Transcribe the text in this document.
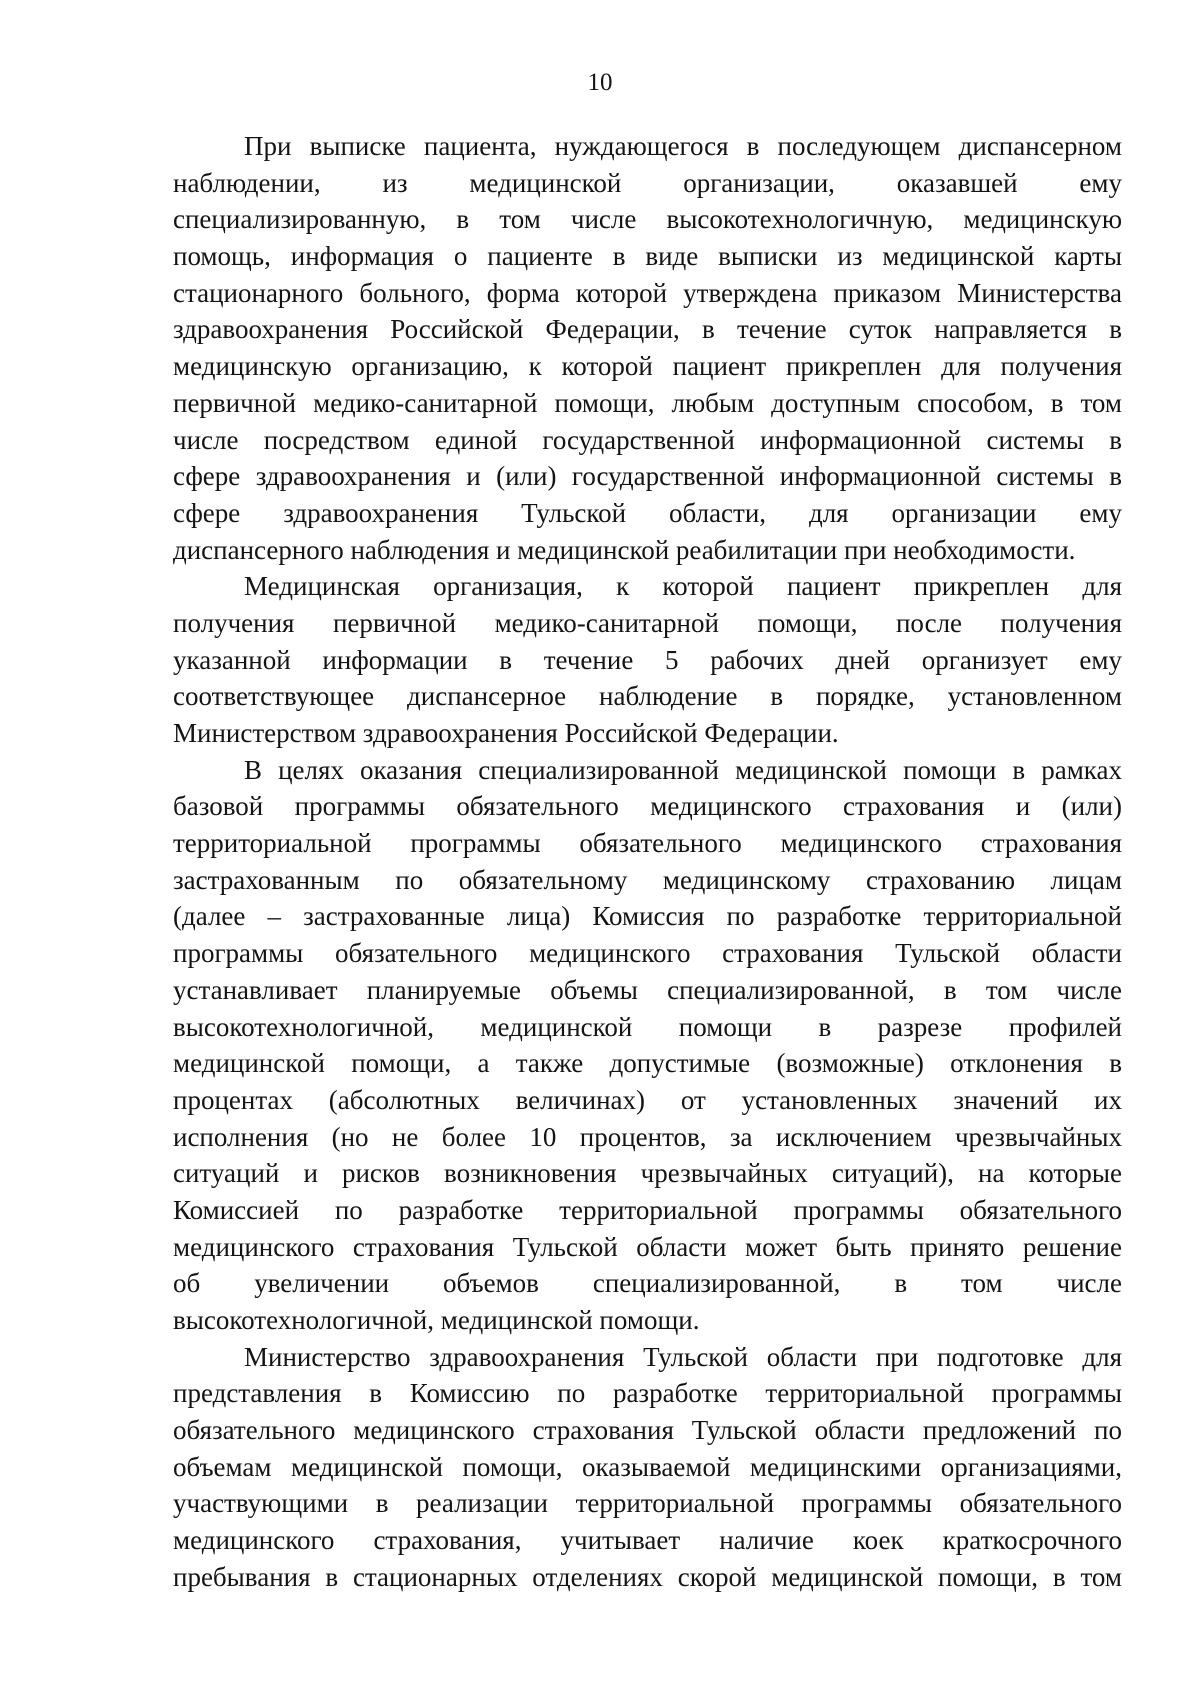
10

При выписке пациента, нуждающегося в последующем диспансерном
наблюдении, из медицинской организации, оказавшей ему
специализированную, в том числе высокотехнологичную, медицинскую
помощь, информация о пациенте в виде выписки из медицинской карты
стационарного больного, форма которой утверждена приказом Министерства
здравоохранения Российской Федерации, в течение суток направляется в
медицинскую организацию, к которой пациент прикреплен для получения
первичной медико-санитарной помощи, любым доступным способом, в том
числе посредством единой государственной информационной системы в
сфере здравоохранения и (или) государственной информационной системы в
сфере здравоохранения Тульской области, для организации ему
диспансерного наблюдения и медицинской реабилитации при необходимости.

Медицинская организация, к которой пациент прикреплен для
получения первичной медико-санитарной помощи, после получения
указанной информации в течение 5 рабочих дней организует ему
соответствующее диспансерное наблюдение в порядке, установленном
Министерством здравоохранения Российской Федерации.

В целях оказания специализированной медицинской помощи в рамках
базовой программы обязательного медицинского страхования и (или)
территориальной программы обязательного медицинского страхования
застрахованным по обязательному медицинскому страхованию лицам
(далее – застрахованные лица) Комиссия по разработке территориальной
программы обязательного медицинского страхования Тульской области
устанавливает планируемые объемы специализированной, в том числе
высокотехнологичной, медицинской помощи в разрезе профилей
медицинской помощи, а также допустимые (возможные) отклонения в
процентах (абсолютных величинах) от установленных значений их
исполнения (но не более 10 процентов, за исключением чрезвычайных
ситуаций и рисков возникновения чрезвычайных ситуаций), на которые
Комиссией по разработке территориальной программы обязательного
медицинского страхования Тульской области может быть принято решение
об увеличении объемов специализированной, в том числе
высокотехнологичной, медицинской помощи.

Министерство здравоохранения Тульской области при подготовке для
представления в Комиссию по разработке территориальной программы
обязательного медицинского страхования Тульской области предложений по
объемам медицинской помощи, оказываемой медицинскими организациями,
участвующими в реализации территориальной программы обязательного
медицинского страхования, учитывает наличие коек краткосрочного
пребывания в стационарных отделениях скорой медицинской помощи, в том
